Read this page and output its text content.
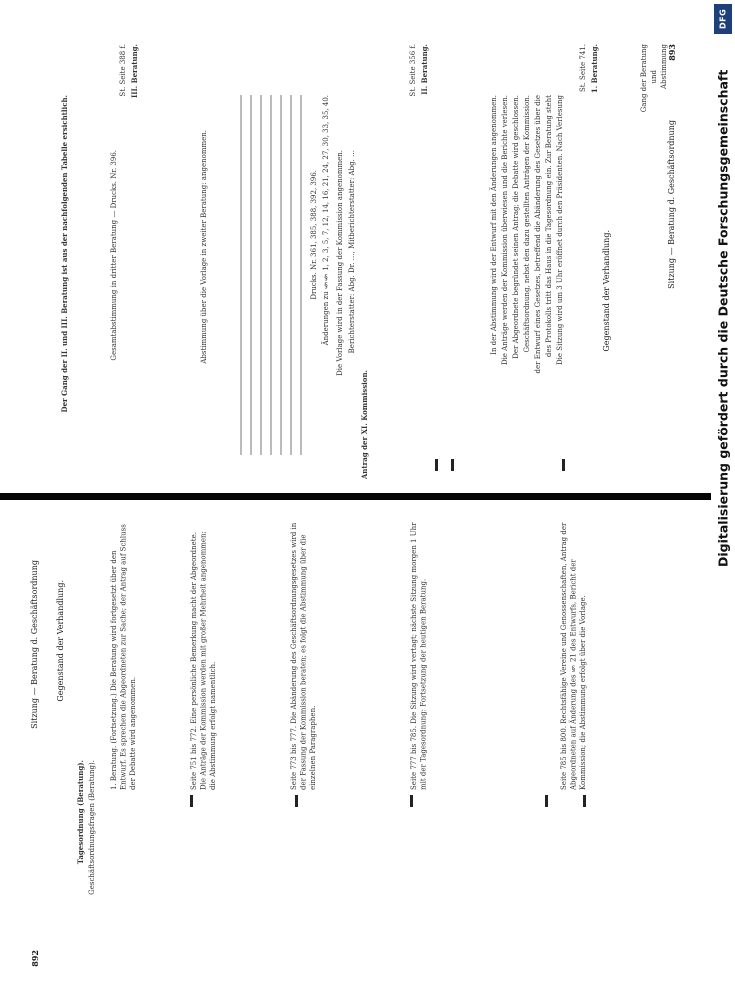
893
Sitzung — Beratung d. Geschäftsordnung
Gang der Beratung und Abstimmung
Gegenstand der Verhandlung.
1. Beratung.
St. Seite 741.
II. Beratung.
St. Seite 356 f.
III. Beratung.
St. Seite 388 f.
Die Sitzung wird um 3 Uhr eröffnet durch den Präsidenten. Nach Verlesung
des Protokolls tritt das Haus in die Tagesordnung ein. Zur Beratung steht
der Entwurf eines Gesetzes, betreffend die Abänderung des Gesetzes über die
Geschäftsordnung, nebst den dazu gestellten Anträgen der Kommission.
Der Abgeordnete begründet seinen Antrag; die Debatte wird geschlossen.
Die Anträge werden der Kommission überwiesen und die Berichte verlesen.
In der Abstimmung wird der Entwurf mit den Änderungen angenommen.
Antrag der XI. Kommission.
Berichterstatter: Abg. Dr. …, Mitberichterstatter: Abg. …
Die Vorlage wird in der Fassung der Kommission angenommen.
Änderungen zu §§ 1, 2, 3, 5, 7, 12, 14, 16, 21, 24, 27, 30, 33, 35, 40.
Drucks. Nr. 361, 385, 388, 392, 396.
Abstimmung über die Vorlage in zweiter Beratung: angenommen.
Gesamtabstimmung in dritter Beratung — Drucks. Nr. 396.
Der Gang der II. und III. Beratung ist aus der nachfolgenden Tabelle ersichtlich.
892
Sitzung — Beratung d. Geschäftsordnung
Tagesordnung (Beratung). Geschäftsordnungsfragen (Beratung).
Gegenstand der Verhandlung.	1. Beratung. (Fortsetzung.) Die Beratung wird fortgesetzt über den Entwurf. Es sprechen die Abgeordneten zur Sache; der Antrag auf Schluss der Debatte wird angenommen.	Seite 751 bis 772. Eine persönliche Bemerkung macht der Abgeordnete. Die Anträge der Kommission werden mit großer Mehrheit angenommen; die Abstimmung erfolgt namentlich.	Seite 773 bis 777. Die Abänderung des Geschäftsordnungsgesetzes wird in der Fassung der Kommission beraten; es folgt die Abstimmung über die einzelnen Paragraphen.	Seite 777 bis 785. Die Sitzung wird vertagt; nächste Sitzung morgen 1 Uhr mit der Tagesordnung: Fortsetzung der heutigen Beratung.	Seite 785 bis 800. Rechtsfähige Vereine und Genossenschaften, Antrag der Abgeordneten auf Änderung des § 21 des Entwurfs, Bericht der Kommission; die Abstimmung erfolgt über die Vorlage.
DFG
Digitalisierung gefördert durch die Deutsche Forschungsgemeinschaft
